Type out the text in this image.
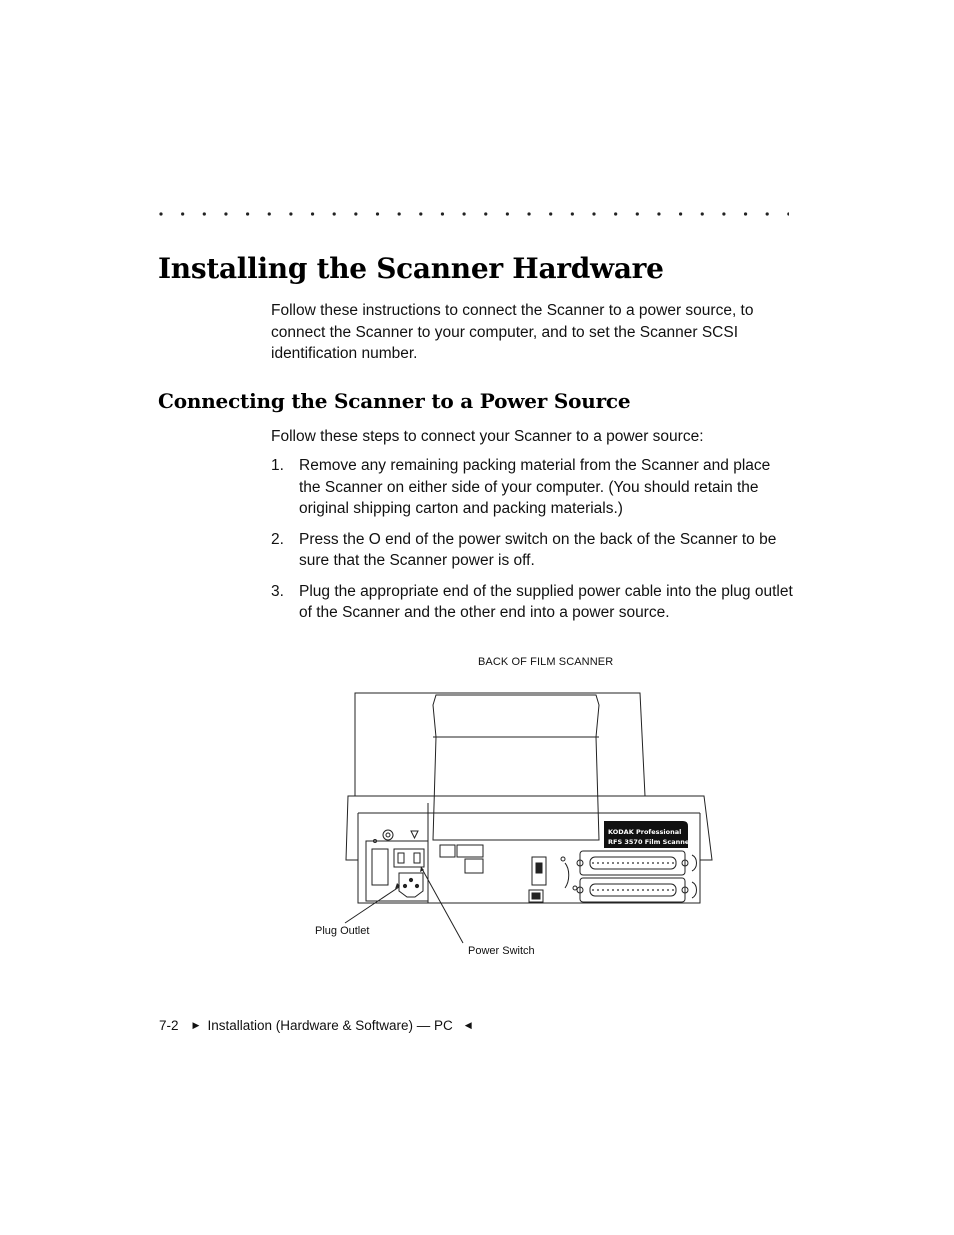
Installing the Scanner Hardware

Follow these instructions to connect the Scanner to a power source, to connect the Scanner to your computer, and to set the Scanner SCSI identification number.

Connecting the Scanner to a Power Source

Follow these steps to connect your Scanner to a power source:

1. Remove any remaining packing material from the Scanner and place the Scanner on either side of your computer. (You should retain the original shipping carton and packing materials.)
2. Press the O end of the power switch on the back of the Scanner to be sure that the Scanner power is off.
3. Plug the appropriate end of the supplied power cable into the plug outlet of the Scanner and the other end into a power source.
BACK OF FILM SCANNER
KODAK Professional
RFS 3570 Film Scanner
Plug Outlet
Power Switch
7-2 ▶ Installation (Hardware & Software) — PC ◀
